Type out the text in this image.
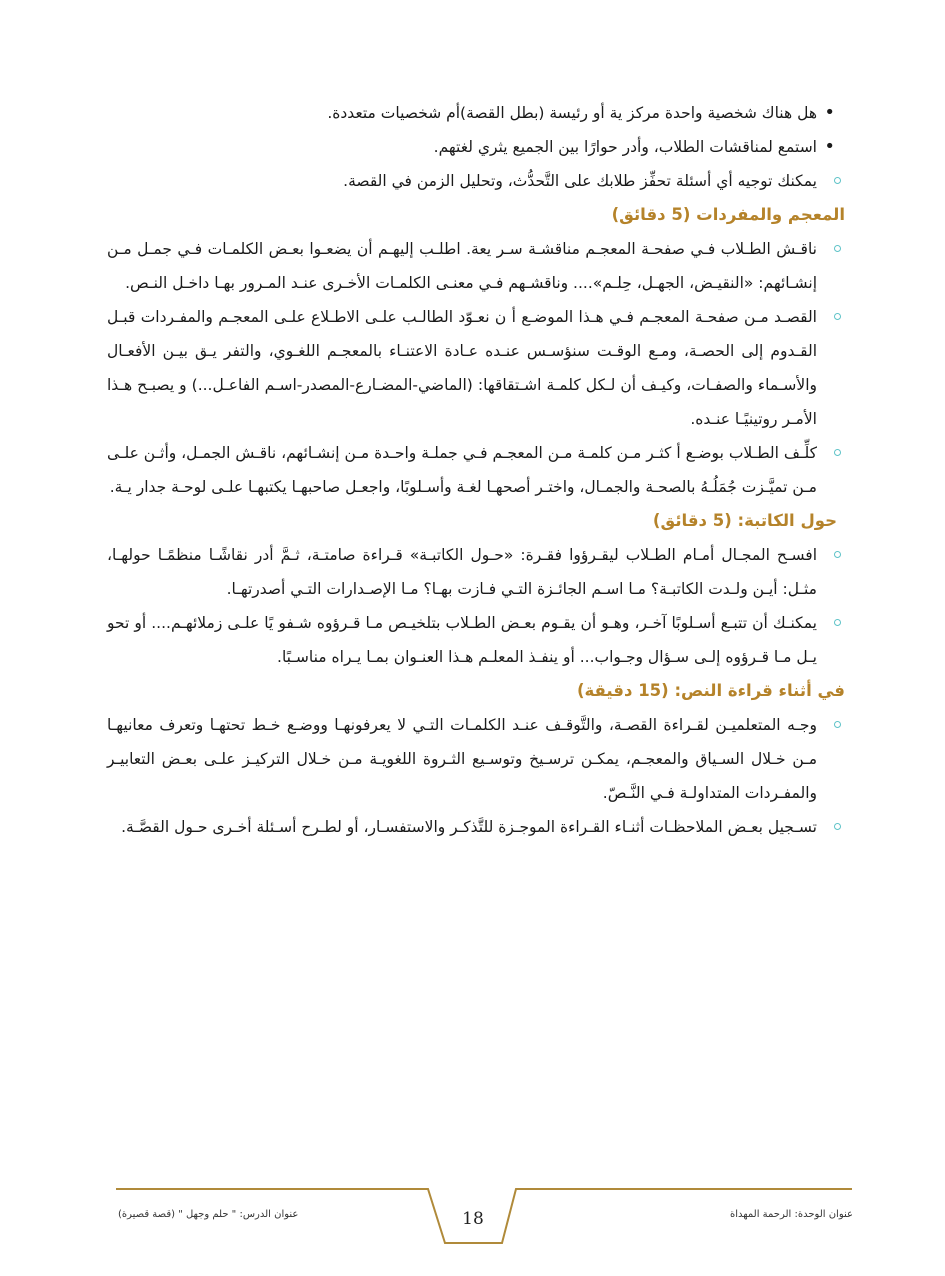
• هل هناك شخصية واحدة مركز ية أو رئيسة (بطل القصة)أم شخصيات متعددة.
• استمع لمناقشات الطلاب، وأدر حوارًا بين الجميع يثري لغتهم.
يمكنك توجيه أي أسئلة تحفِّز طلابك على التَّحدُّث، وتحليل الزمن في القصة.
المعجم والمفردات (5 دقائق)
ناقـش الطـلاب فـي صفحـة المعجـم مناقشـة سـر يعة. اطلـب إليهـم أن يضعـوا بعـض الكلمـات فـي جمـل مـن إنشـائهم: «النقيـض، الجهـل، حِلـم».... وناقشـهم فـي معنـى الكلمـات الأخـرى عنـد المـرور بهـا داخـل النـص.
القصـد مـن صفحـة المعجـم فـي هـذا الموضـع أ ن نعـوّد الطالـب علـى الاطـلاع علـى المعجـم والمفـردات قبـل القـدوم إلى الحصـة، ومـع الوقـت سنؤسـس عنـده عـادة الاعتنـاء بالمعجـم اللغـوي، والتفر يـق بيـن الأفعـال والأسـماء والصفـات، وكيـف أن لـكل كلمـة اشـتقاقها: (الماضي-المضـارع-المصدر-اسـم الفاعـل...) و يصبـح هـذا الأمـر روتينيًـا عنـده.
كلِّـف الطـلاب بوضـع أ كثـر مـن كلمـة مـن المعجـم فـي جملـة واحـدة مـن إنشـائهم، ناقـش الجمـل، وأثـن علـى مـن تميَّـزت جُمَلُـهُ بالصحـة والجمـال، واختـر أصحهـا لغـة وأسـلوبًا، واجعـل صاحبهـا يكتبهـا علـى لوحـة جدار يـة.
حول الكاتبة: (5 دقائق)
افسـح المجـال أمـام الطـلاب ليقـرؤوا فقـرة: «حـول الكاتبـة» قـراءة صامتـة، ثـمَّ أدر نقاشًـا منظمًـا حولهـا، مثـل: أيـن ولـدت الكاتبـة؟ مـا اسـم الجائـزة التـي فـازت بهـا؟ مـا الإصـدارات التـي أصدرتهـا.
يمكنـك أن تتبـع أسـلوبًا آخـر، وهـو أن يقـوم بعـض الطـلاب بتلخيـص مـا قـرؤوه شـفو يًا علـى زملائهـم.... أو تحو يـل مـا قـرؤوه إلـى سـؤال وجـواب... أو ينفـذ المعلـم هـذا العنـوان بمـا يـراه مناسـبًا.
في أثناء قراءة النص: (15 دقيقة)
وجـه المتعلميـن لقـراءة القصـة، والتَّوقـف عنـد الكلمـات التـي لا يعرفونهـا ووضـع خـط تحتهـا وتعرف معانيهـا مـن خـلال السـياق والمعجـم، يمكـن ترسـيخ وتوسـيع الثـروة اللغويـة مـن خـلال التركيـز علـى بعـض التعابيـر والمفـردات المتداولـة فـي النَّـصّ.
تسـجيل بعـض الملاحظـات أثنـاء القـراءة الموجـزة للتَّذكـر والاستفسـار، أو لطـرح أسـئلة أخـرى حـول القصَّـة.
عنوان الوحدة: الرحمة المهداة
18
عنوان الدرس: " حلم وجهل " (قصة قصيرة)
